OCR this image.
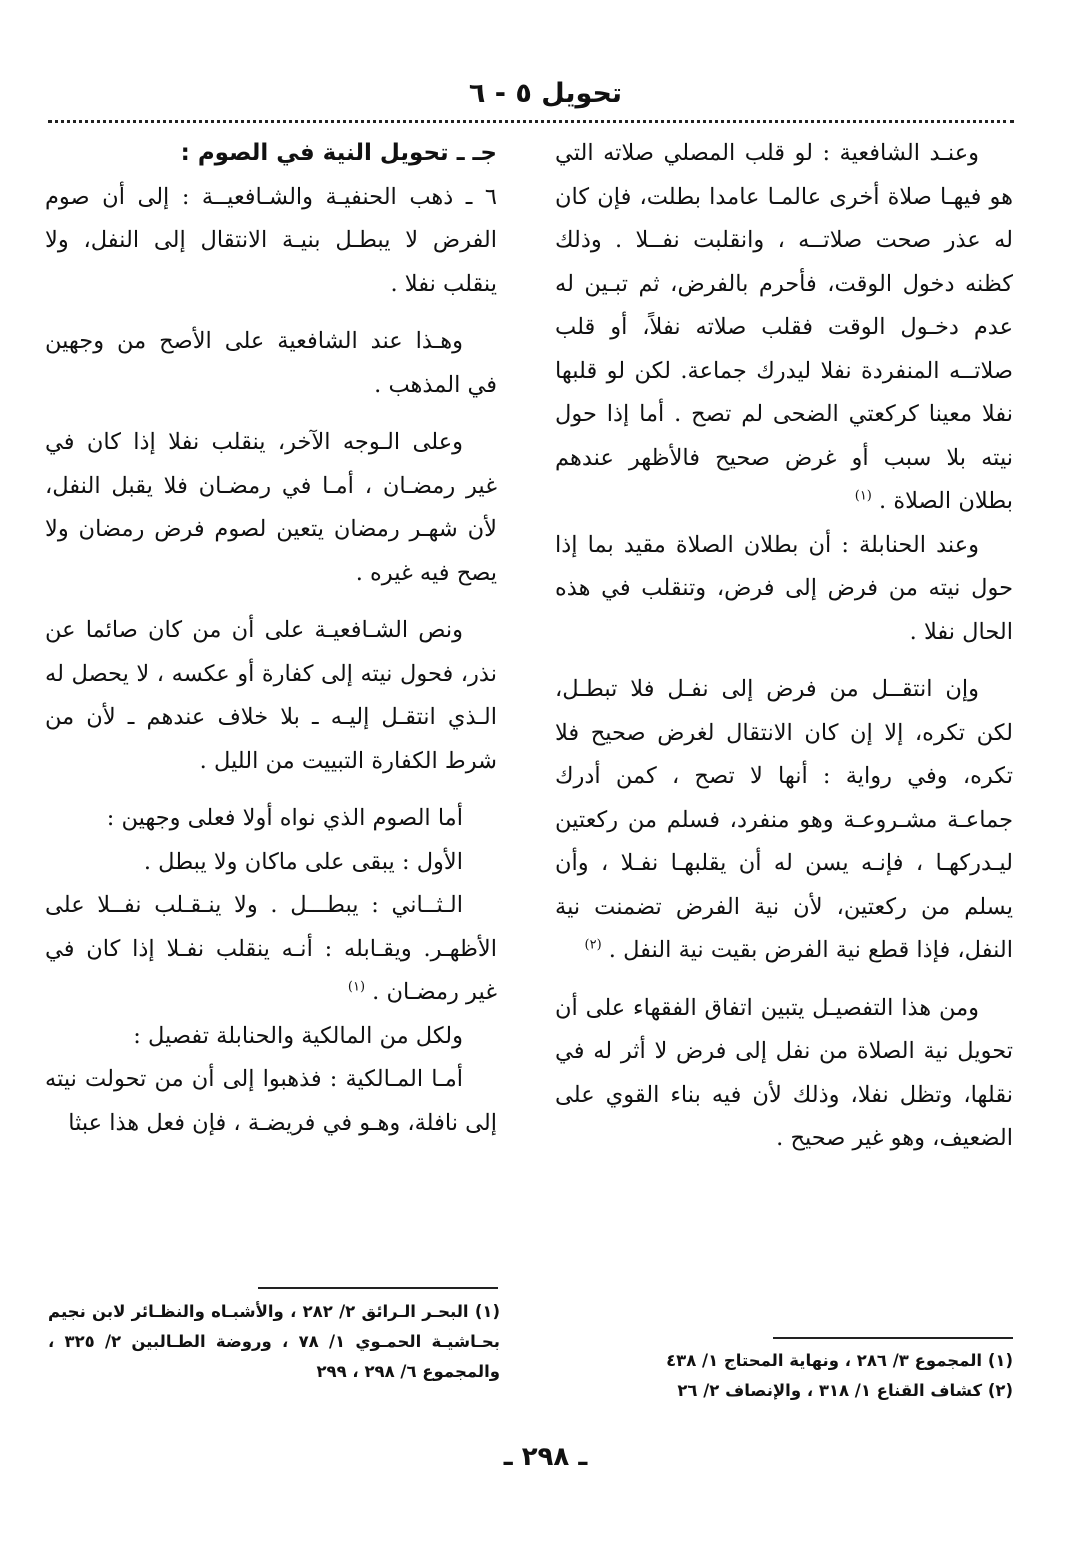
تحويل ٥ - ٦

وعنـد الشافعية : لو قلب المصلي صلاته التي هو فيهـا صلاة أخرى عالمـا عامدا بطلت، فإن كان له عذر صحت صلاتــه ، وانقلبت نفــلا . وذلك كظنه دخول الوقت، فأحرم بالفرض، ثم تبـين له عدم دخـول الوقت فقلب صلاته نفلاً، أو قلب صلاتــه المنفردة نفلا ليدرك جماعة. لكن لو قلبها نفلا معينا كركعتي الضحى لم تصح . أما إذا حول نيته بلا سبب أو غرض صحيح فالأظهر عندهم بطلان الصلاة . $^{(١)}$

وعند الحنابلة : أن بطلان الصلاة مقيد بما إذا حول نيته من فرض إلى فرض، وتنقلب في هذه الحال نفلا .

وإن انتقــل من فرض إلى نفـل فلا تبطـل، لكن تكره، إلا إن كان الانتقال لغرض صحيح فلا تكره، وفي رواية : أنها لا تصح ، كمن أدرك جماعـة مشـروعـة وهو منفرد، فسلم من ركعتين ليـدركهـا ، فإنـه يسن له أن يقلبهـا نفـلا ، وأن يسلم من ركعتين، لأن نية الفرض تضمنت نية النفل، فإذا قطع نية الفرض بقيت نية النفل . $^{(٢)}$

ومن هذا التفصيـل يتبين اتفاق الفقهاء على أن تحويل نية الصلاة من نفل إلى فرض لا أثر له في نقلها، وتظل نفلا، وذلك لأن فيه بناء القوي على الضعيف، وهو غير صحيح .

جـ ـ تحويل النية في الصوم :

٦ ـ ذهب الحنفيـة والشـافعيــة : إلى أن صوم الفرض لا يبطـل بنيـة الانتقال إلى النفل، ولا ينقلب نفلا .

وهـذا عند الشافعية على الأصح من وجهين في المذهب .

وعلى الـوجه الآخر، ينقلب نفلا إذا كان في غير رمضـان ، أمـا في رمضـان فلا يقبل النفل، لأن شهـر رمضان يتعين لصوم فرض رمضان ولا يصح فيه غيره .

ونص الشـافعيـة على أن من كان صائما عن نذر، فحول نيته إلى كفارة أو عكسه ، لا يحصل له الـذي انتقـل إليـه ـ بلا خلاف عندهم ـ لأن من شرط الكفارة التبييت من الليل .

أما الصوم الذي نواه أولا فعلى وجهين :

الأول : يبقى على ماكان ولا يبطل .

الـثــاني : يبطـــل . ولا ينـقـلب نفــلا على الأظهـر. ويقـابله : أنـه ينقلب نفـلا إذا كان في غير رمضـان . $^{(١)}$

ولكل من المالكية والحنابلة تفصيل :

أمـا المـالكية : فذهبوا إلى أن من تحولت نيته إلى نافلة، وهـو في فريضـة ، فإن فعل هذا عبثا

(١) البحـر الـرائق ٢/ ٢٨٢ ، والأشبـاه والنظـائر لابن نجيم بحـاشيـة الحمـوي ١/ ٧٨ ، وروضة الطـالبين ٢/ ٣٢٥ ، والمجموع ٦/ ٢٩٨ ، ٢٩٩
(١) المجموع ٣/ ٢٨٦ ، ونهاية المحتاج ١/ ٤٣٨
(٢) كشاف القناع ١/ ٣١٨ ، والإنصاف ٢/ ٢٦
ـ ٢٩٨ ـ
